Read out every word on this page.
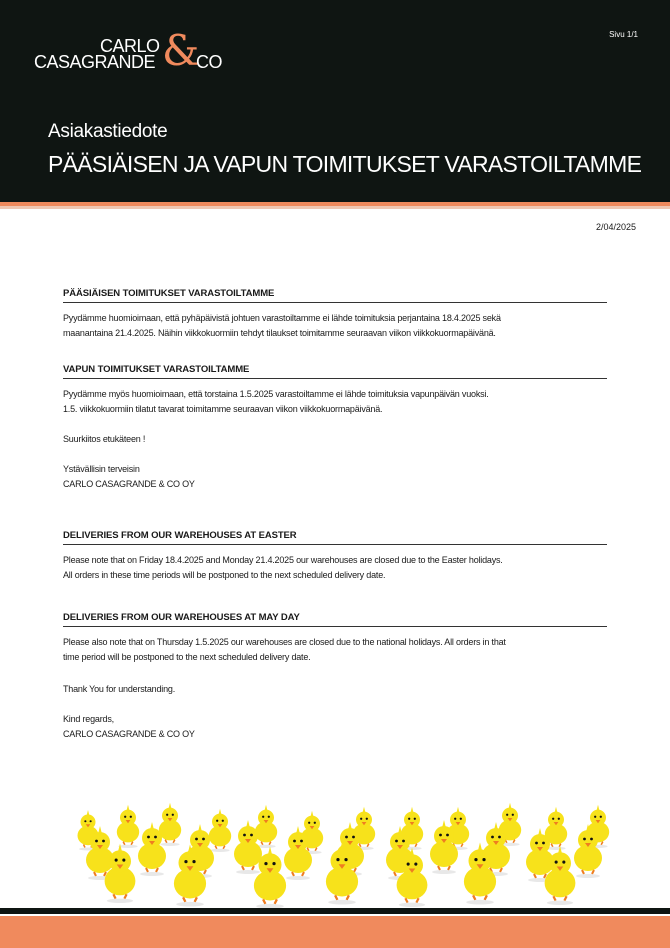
CARLO
CASAGRANDE &
CO
Sivu 1/1
Asiakastiedote
PÄÄSIÄISEN JA VAPUN TOIMITUKSET VARASTOILTAMME
2/04/2025
PÄÄSIÄISEN TOIMITUKSET VARASTOILTAMME
Pyydämme huomioimaan, että pyhäpäivistä johtuen varastoiltamme ei lähde toimituksia perjantaina 18.4.2025 sekä
maanantaina 21.4.2025. Näihin viikkokuormiin tehdyt tilaukset toimitamme seuraavan viikon viikkokuormapäivänä.
VAPUN TOIMITUKSET VARASTOILTAMME
Pyydämme myös huomioimaan, että torstaina 1.5.2025 varastoiltamme ei lähde toimituksia vapunpäivän vuoksi.
1.5. viikkokuormiin tilatut tavarat toimitamme seuraavan viikon viikkokuormapäivänä.
Suurkiitos etukäteen !
Ystävällisin terveisin
CARLO CASAGRANDE & CO OY
DELIVERIES FROM OUR WAREHOUSES AT EASTER
Please note that on Friday 18.4.2025 and Monday 21.4.2025 our warehouses are closed due to the Easter holidays.
All orders in these time periods will be postponed to the next scheduled delivery date.
DELIVERIES FROM OUR WAREHOUSES AT MAY DAY
Please also note that on Thursday 1.5.2025 our warehouses are closed due to the national holidays. All orders in that
time period will be postponed to the next scheduled delivery date.
Thank You for understanding.
Kind regards,
CARLO CASAGRANDE & CO OY
